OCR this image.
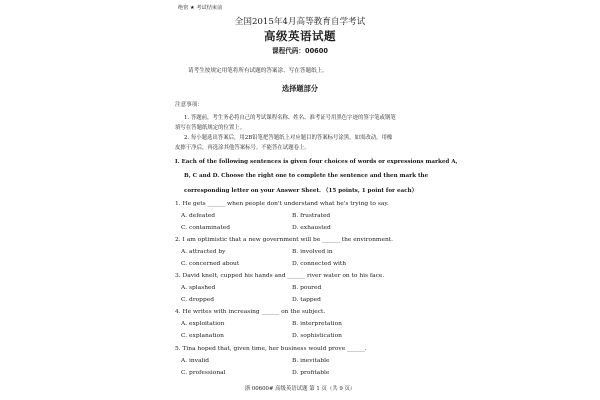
绝密 ★ 考试结束前
全国2015年4月高等教育自学考试
高级英语试题
课程代码：00600
请考生按规定用笔将所有试题的答案涂、写在答题纸上。
选择题部分
注意事项：
1. 答题前，考生务必将自己的考试课程名称、姓名、准考证号用黑色字迹的签字笔或钢笔
填写在答题纸规定的位置上。
2. 每小题选出答案后，用2B铅笔把答题纸上对应题目的答案标号涂黑。如需改动，用橡
皮擦干净后，再选涂其他答案标号。不能答在试题卷上。
I. Each of the following sentences is given four choices of words or expressions marked A,
B, C and D. Choose the right one to complete the sentence and then mark the
corresponding letter on your Answer Sheet. （15 points, 1 point for each）
1. He gets ______ when people don't understand what he's trying to say.
A. defeated	B. frustrated
C. contaminated	D. exhausted
2. I am optimistic that a new government will be ______ the environment.
A. attracted by	B. involved in
C. concerned about	D. connected with
3. David knelt, cupped his hands and ______ river water on to his face.
A. splashed	B. poured
C. dropped	D. tapped
4. He writes with increasing ______ on the subject.
A. exploitation	B. interpretation
C. explanation	D. sophistication
5. Tina hoped that, given time, her business would prove ______.
A. invalid	B. inevitable
C. professional	D. profitable
浙 00600# 高级英语试题 第 1 页（共 9 页）
